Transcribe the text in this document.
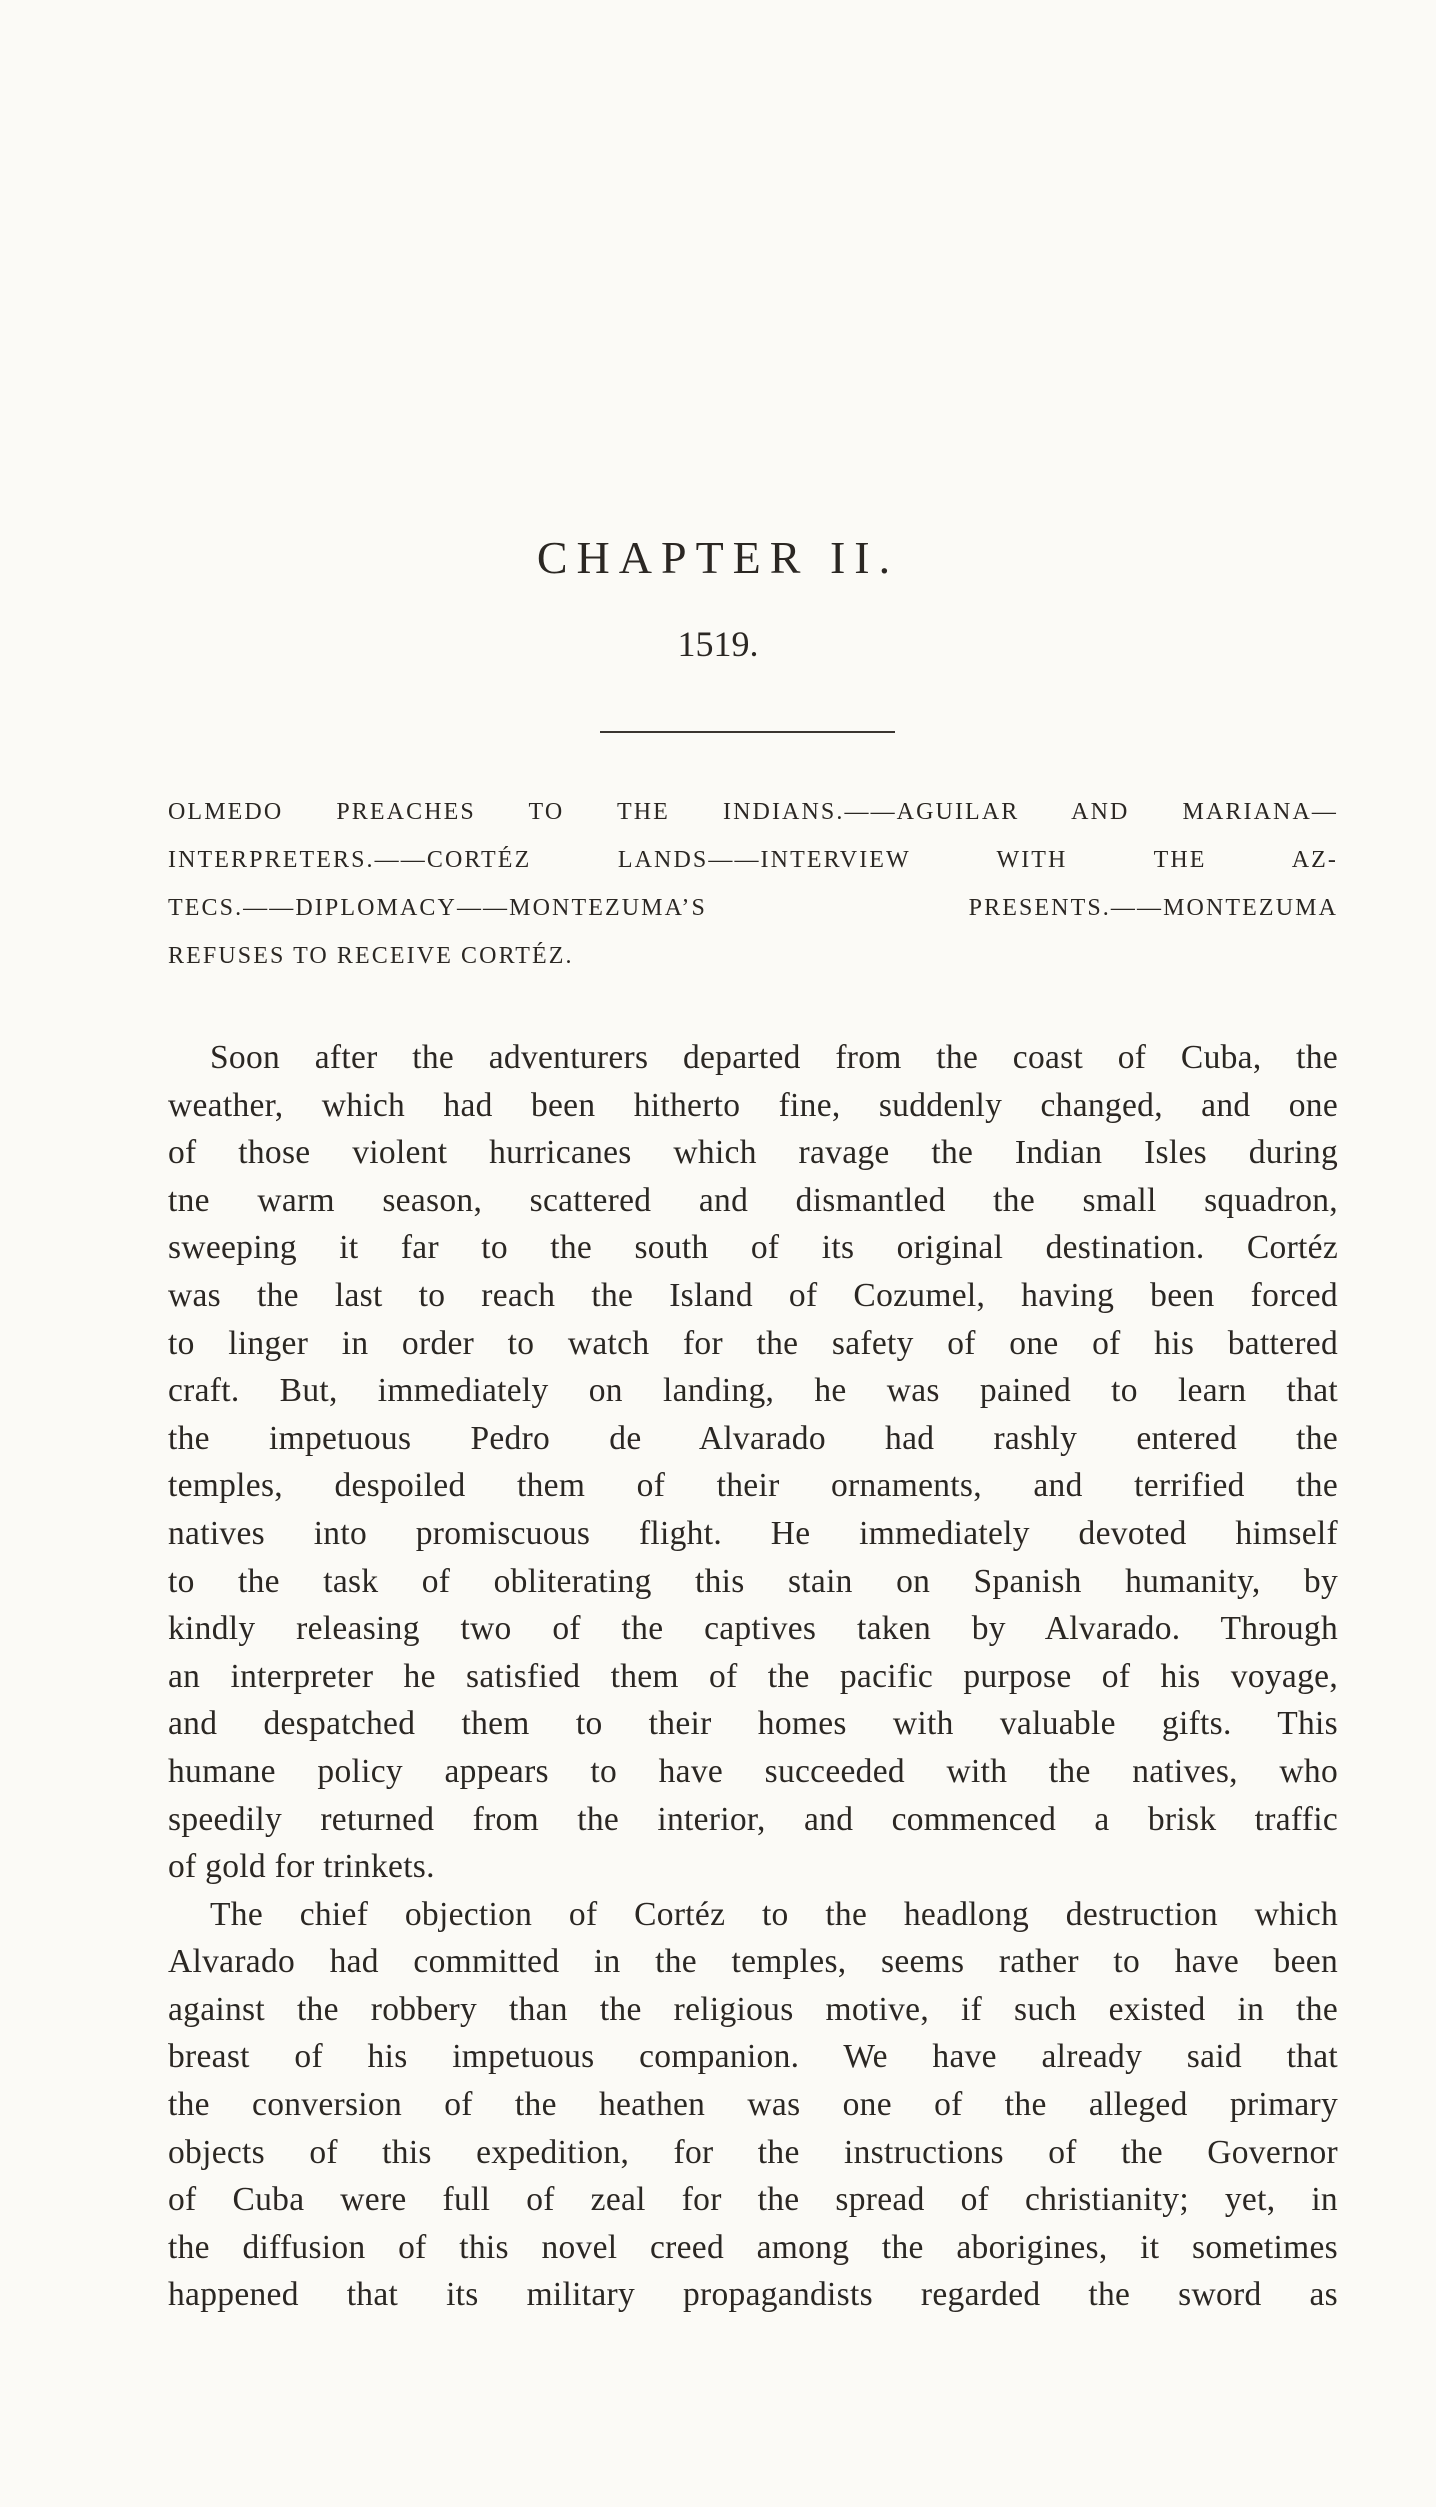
CHAPTER II.
1519.
OLMEDO PREACHES TO THE INDIANS.——AGUILAR AND MARIANA—
INTERPRETERS.——CORTÉZ LANDS——INTERVIEW WITH THE AZ-
TECS.——DIPLOMACY——MONTEZUMA’S PRESENTS.——MONTEZUMA
REFUSES TO RECEIVE CORTÉZ.
Soon after the adventurers departed from the coast of Cuba, the
weather, which had been hitherto fine, suddenly changed, and one
of those violent hurricanes which ravage the Indian Isles during
tne warm season, scattered and dismantled the small squadron,
sweeping it far to the south of its original destination. Cortéz
was the last to reach the Island of Cozumel, having been forced
to linger in order to watch for the safety of one of his battered
craft. But, immediately on landing, he was pained to learn that
the impetuous Pedro de Alvarado had rashly entered the
temples, despoiled them of their ornaments, and terrified the
natives into promiscuous flight. He immediately devoted himself
to the task of obliterating this stain on Spanish humanity, by
kindly releasing two of the captives taken by Alvarado. Through
an interpreter he satisfied them of the pacific purpose of his voyage,
and despatched them to their homes with valuable gifts. This
humane policy appears to have succeeded with the natives, who
speedily returned from the interior, and commenced a brisk traffic
of gold for trinkets.
The chief objection of Cortéz to the headlong destruction which
Alvarado had committed in the temples, seems rather to have been
against the robbery than the religious motive, if such existed in the
breast of his impetuous companion. We have already said that
the conversion of the heathen was one of the alleged primary
objects of this expedition, for the instructions of the Governor
of Cuba were full of zeal for the spread of christianity; yet, in
the diffusion of this novel creed among the aborigines, it sometimes
happened that its military propagandists regarded the sword as
